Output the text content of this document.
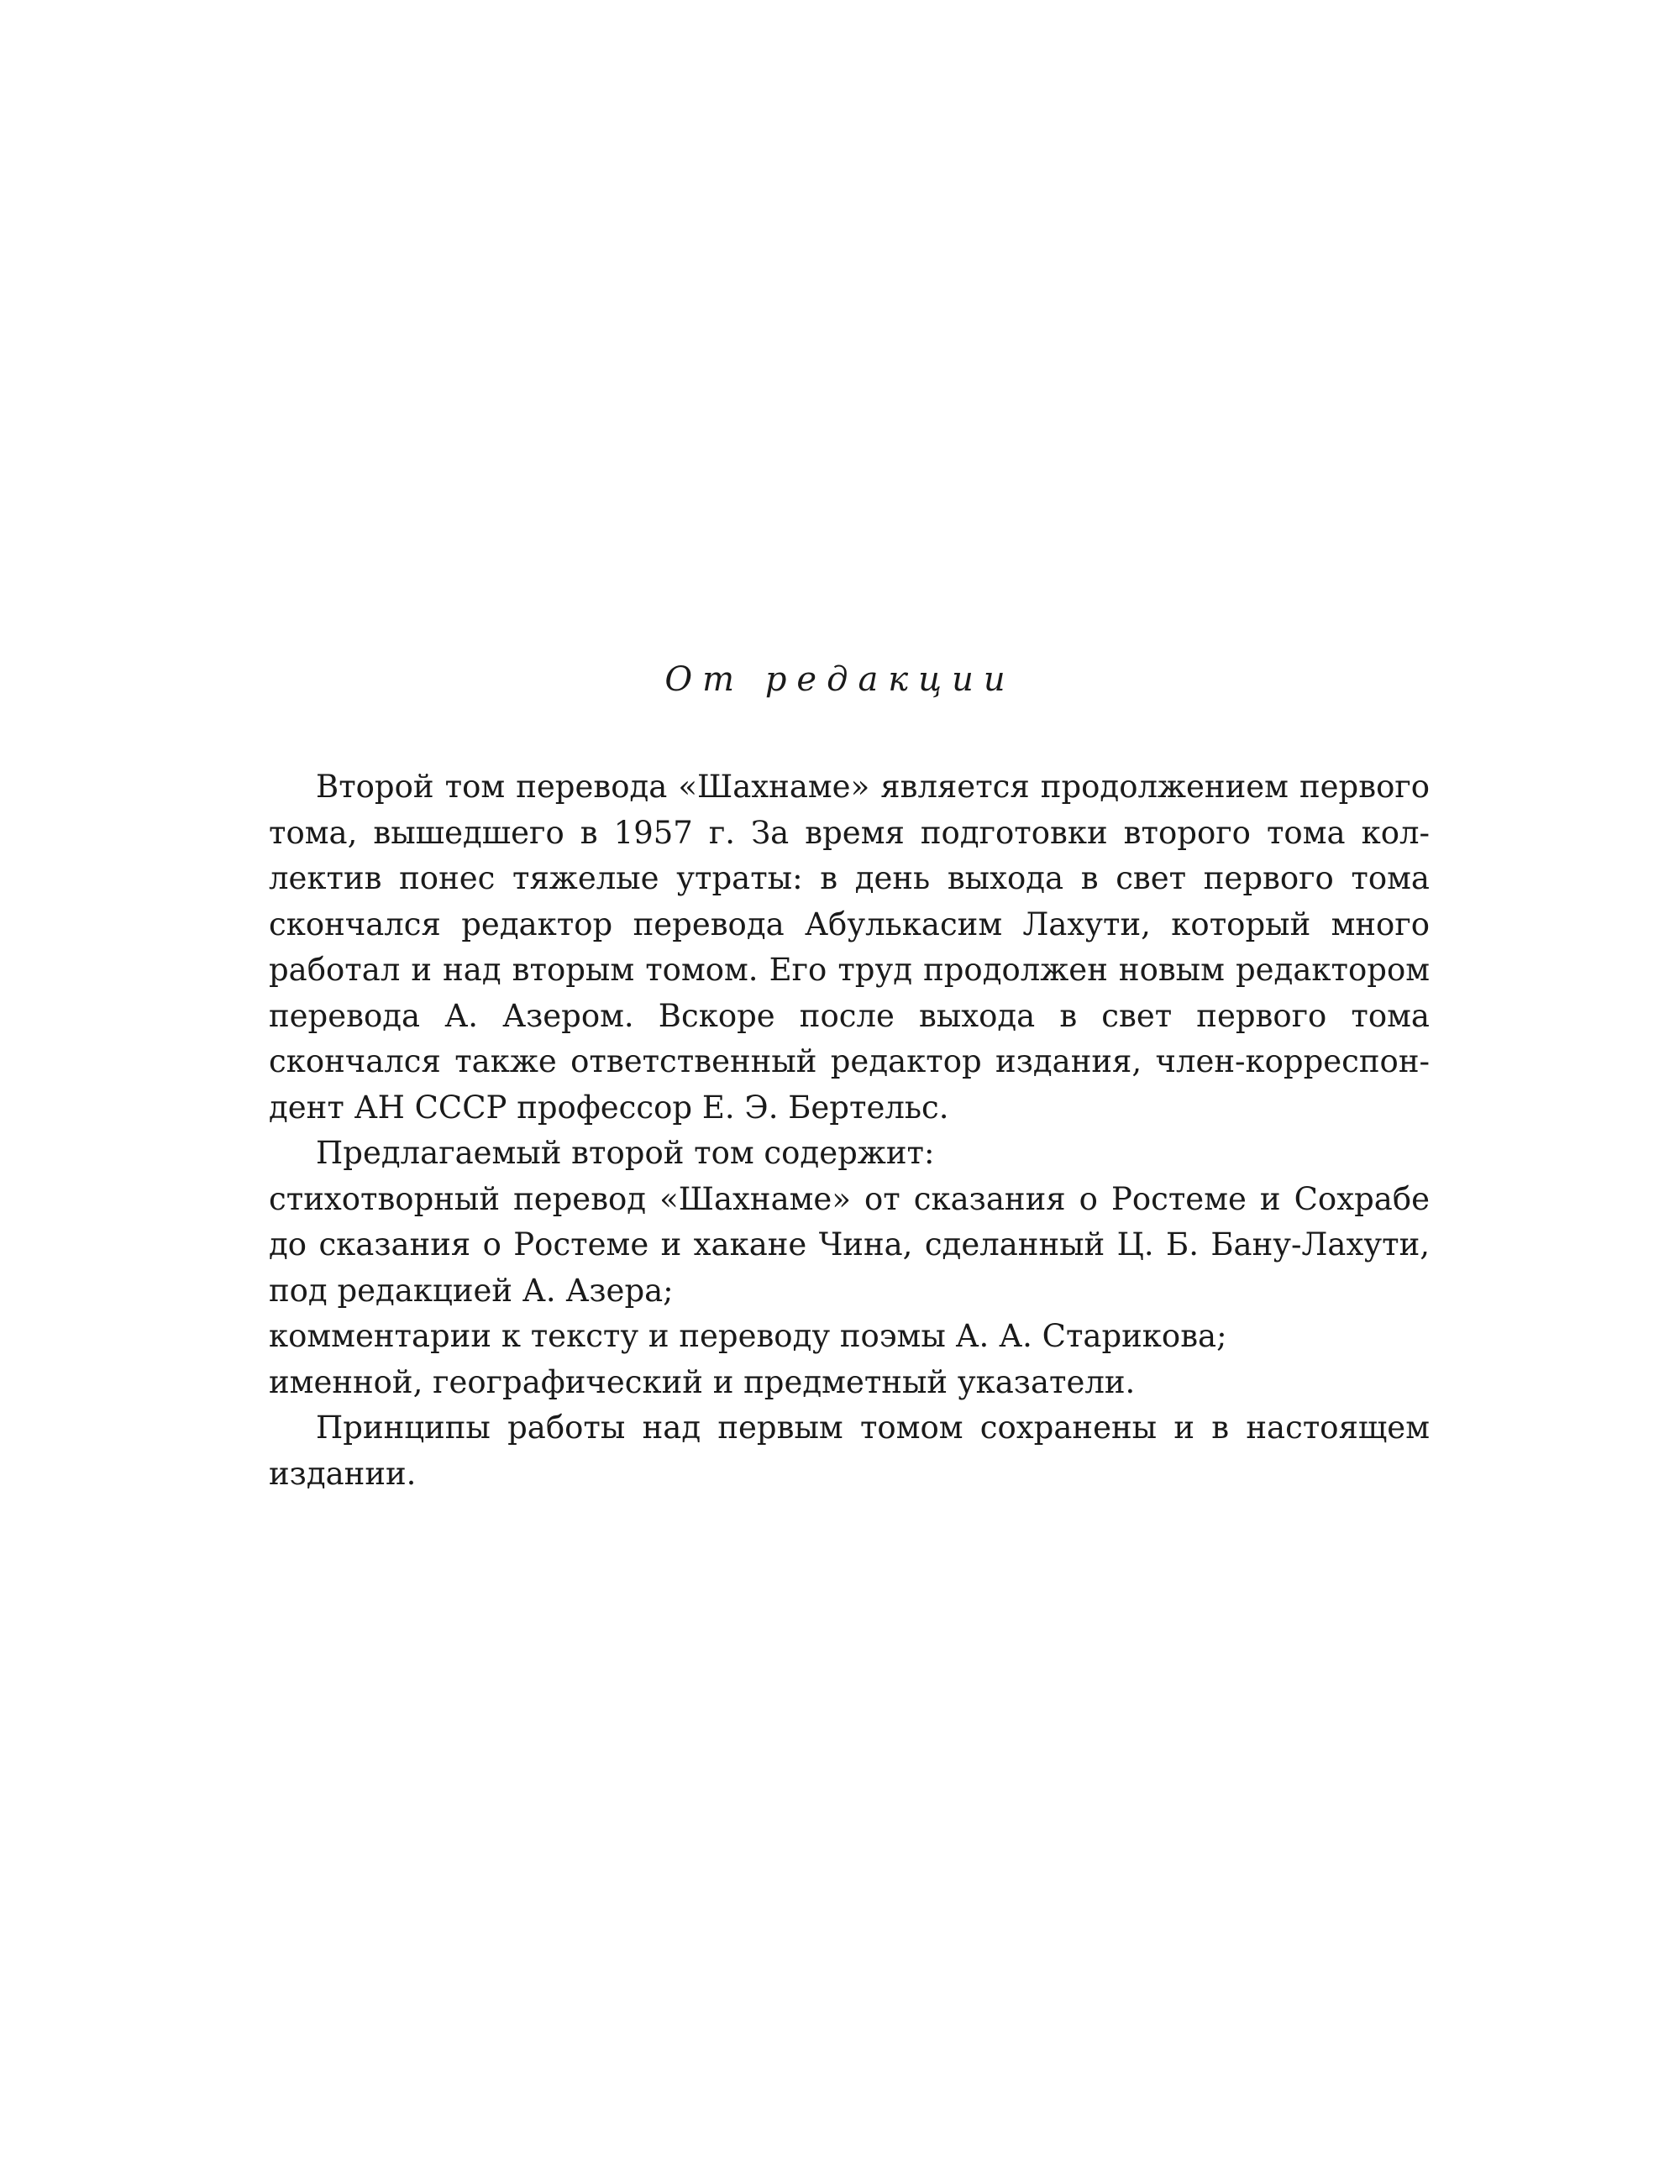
От редакции
Второй том перевода «Шахнаме» является продолжением первого
тома, вышедшего в 1957 г. За время подготовки второго тома кол-
лектив понес тяжелые утраты: в день выхода в свет первого тома
скончался редактор перевода Абулькасим Лахути, который много
работал и над вторым томом. Его труд продолжен новым редактором
перевода А. Азером. Вскоре после выхода в свет первого тома
скончался также ответственный редактор издания, член-корреспон-
дент АН СССР профессор Е. Э. Бертельс.
Предлагаемый второй том содержит:
стихотворный перевод «Шахнаме» от сказания о Ростеме и Сохрабе
до сказания о Ростеме и хакане Чина, сделанный Ц. Б. Бану-Лахути,
под редакцией А. Азера;
комментарии к тексту и переводу поэмы А. А. Старикова;
именной, географический и предметный указатели.
Принципы работы над первым томом сохранены и в настоящем
издании.
